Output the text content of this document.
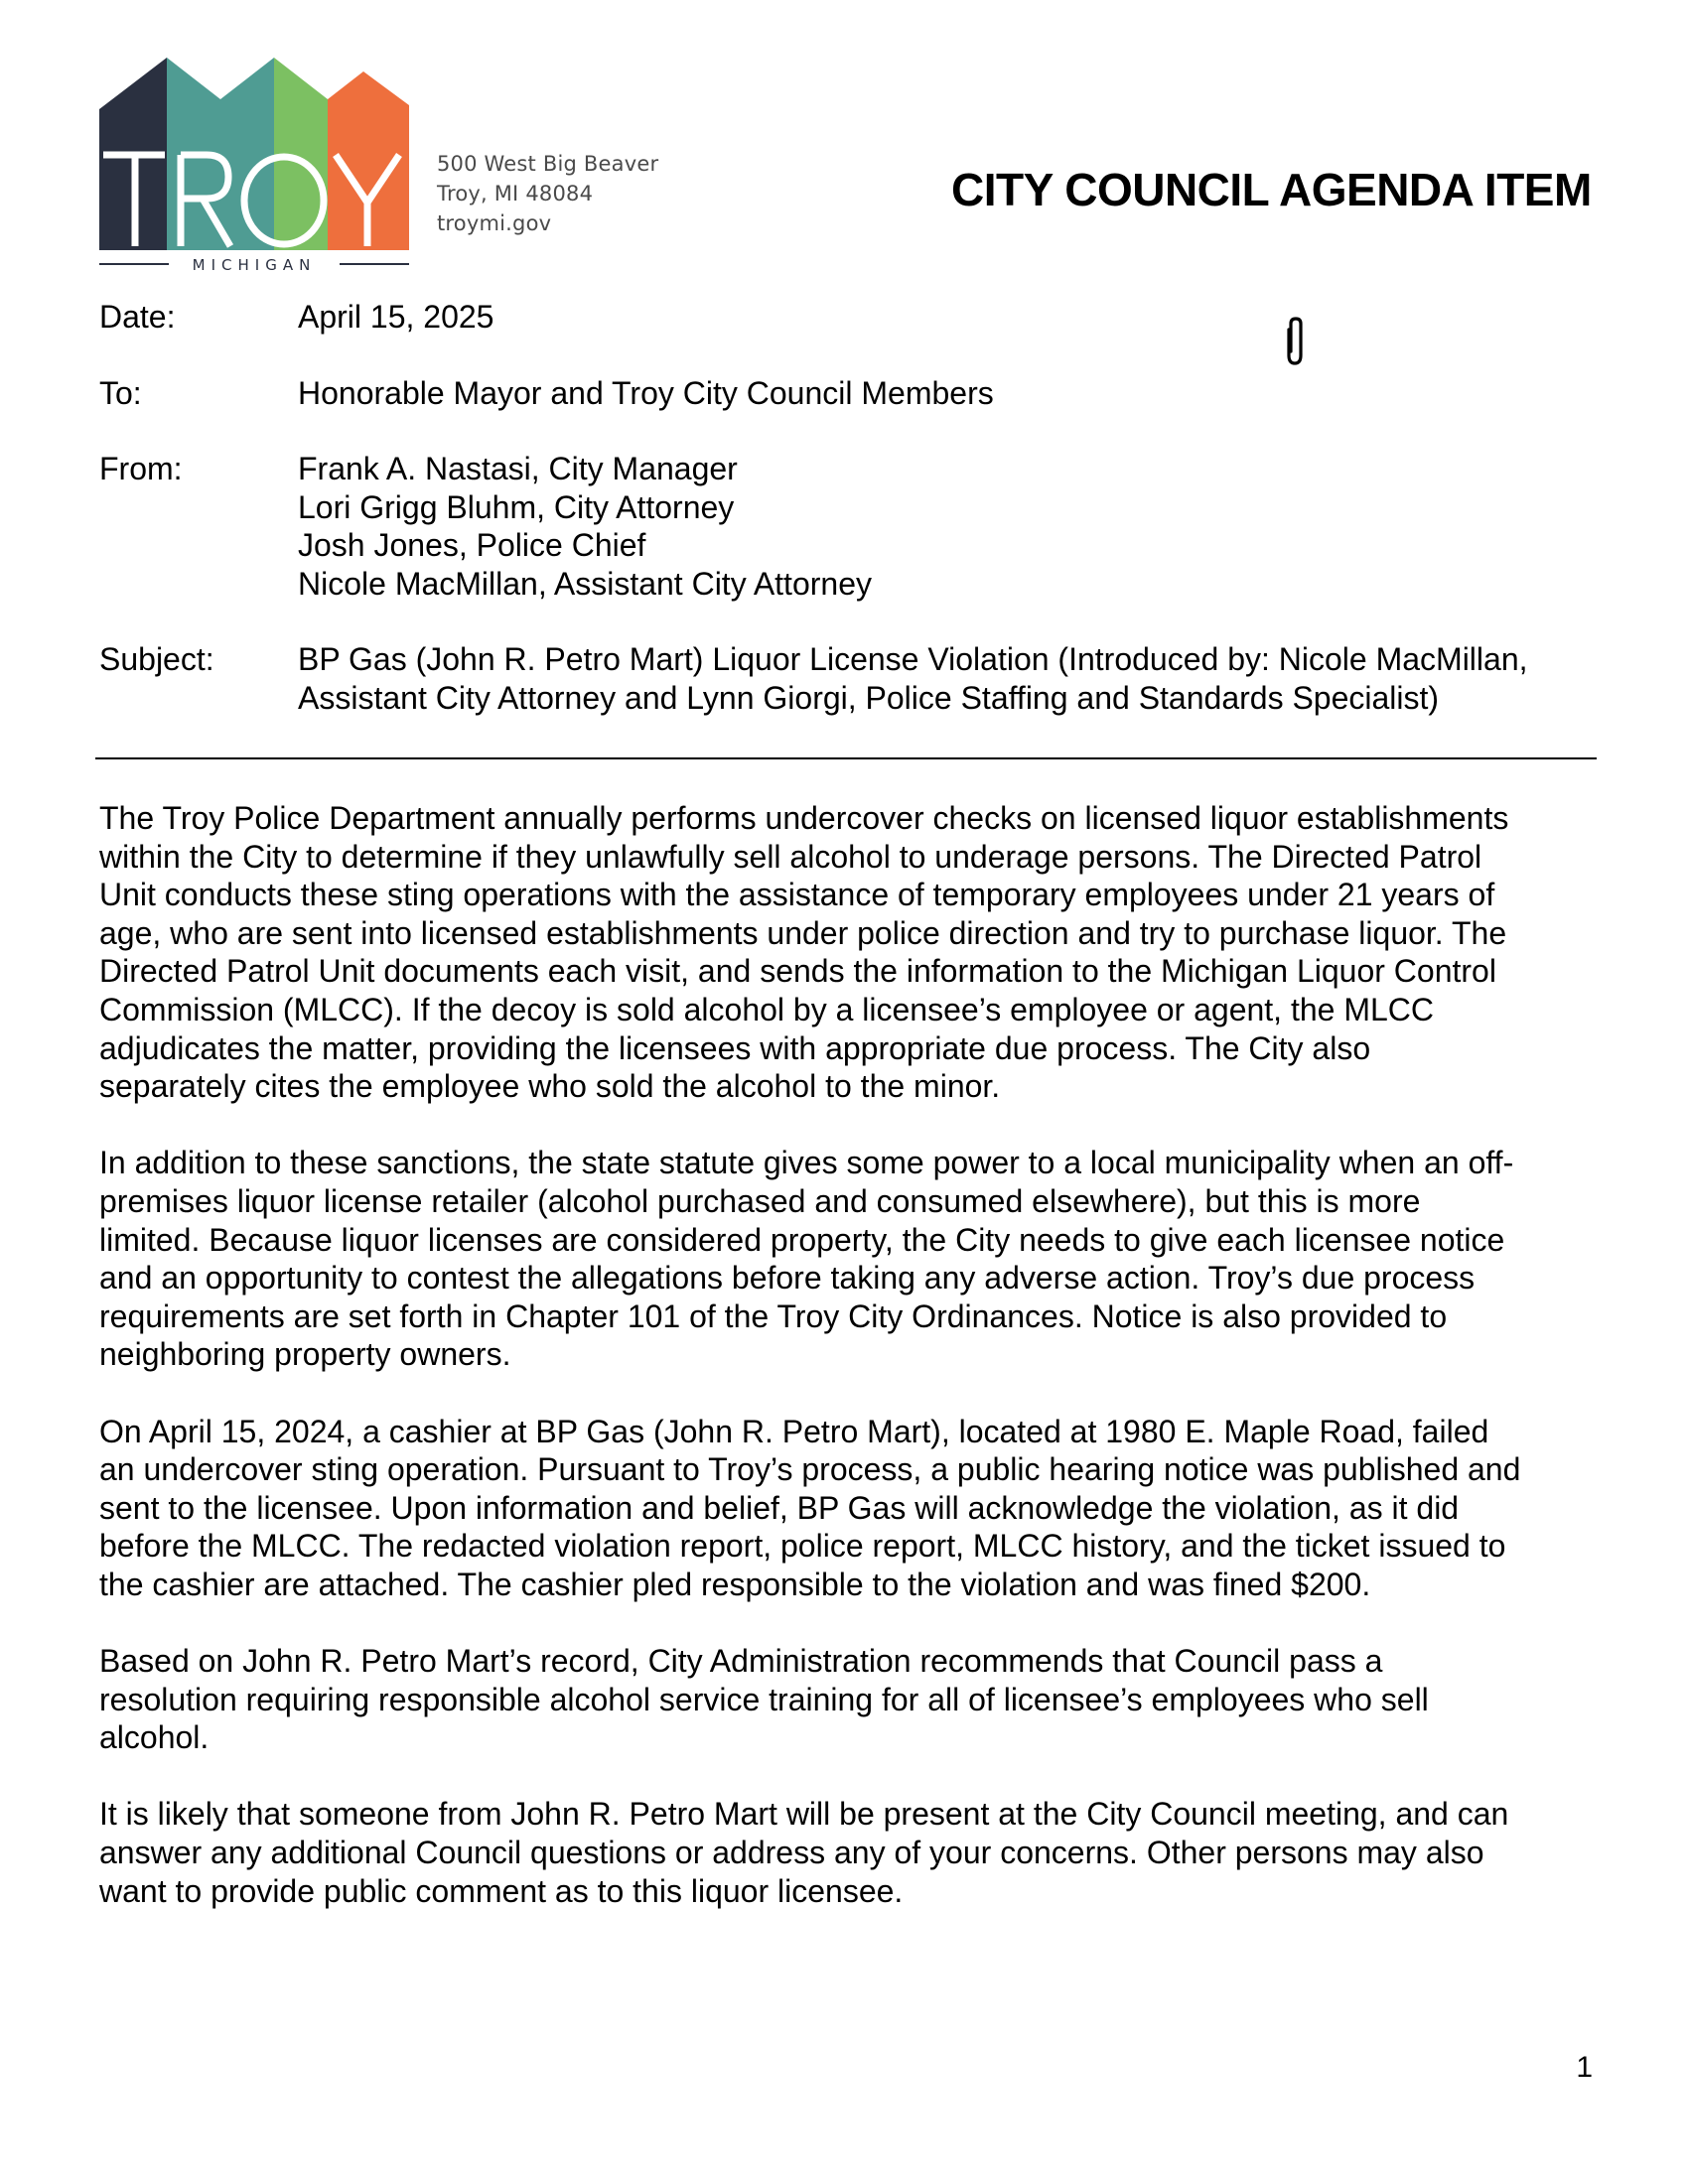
MICHIGAN
500 West Big Beaver
Troy, MI 48084
troymi.gov
CITY COUNCIL AGENDA ITEM
Date:	April 15, 2025
To:	Honorable Mayor and Troy City Council Members
From:	Frank A. Nastasi, City Manager
Lori Grigg Bluhm, City Attorney
Josh Jones, Police Chief
Nicole MacMillan, Assistant City Attorney
Subject:	BP Gas (John R. Petro Mart) Liquor License Violation (Introduced by: Nicole MacMillan,
Assistant City Attorney and Lynn Giorgi, Police Staffing and Standards Specialist)
The Troy Police Department annually performs undercover checks on licensed liquor establishments
within the City to determine if they unlawfully sell alcohol to underage persons. The Directed Patrol
Unit conducts these sting operations with the assistance of temporary employees under 21 years of
age, who are sent into licensed establishments under police direction and try to purchase liquor. The
Directed Patrol Unit documents each visit, and sends the information to the Michigan Liquor Control
Commission (MLCC). If the decoy is sold alcohol by a licensee’s employee or agent, the MLCC
adjudicates the matter, providing the licensees with appropriate due process. The City also
separately cites the employee who sold the alcohol to the minor.
In addition to these sanctions, the state statute gives some power to a local municipality when an off-
premises liquor license retailer (alcohol purchased and consumed elsewhere), but this is more
limited. Because liquor licenses are considered property, the City needs to give each licensee notice
and an opportunity to contest the allegations before taking any adverse action. Troy’s due process
requirements are set forth in Chapter 101 of the Troy City Ordinances. Notice is also provided to
neighboring property owners.
On April 15, 2024, a cashier at BP Gas (John R. Petro Mart), located at 1980 E. Maple Road, failed
an undercover sting operation. Pursuant to Troy’s process, a public hearing notice was published and
sent to the licensee. Upon information and belief, BP Gas will acknowledge the violation, as it did
before the MLCC. The redacted violation report, police report, MLCC history, and the ticket issued to
the cashier are attached. The cashier pled responsible to the violation and was fined $200.
Based on John R. Petro Mart’s record, City Administration recommends that Council pass a
resolution requiring responsible alcohol service training for all of licensee’s employees who sell
alcohol.
It is likely that someone from John R. Petro Mart will be present at the City Council meeting, and can
answer any additional Council questions or address any of your concerns. Other persons may also
want to provide public comment as to this liquor licensee.
1
